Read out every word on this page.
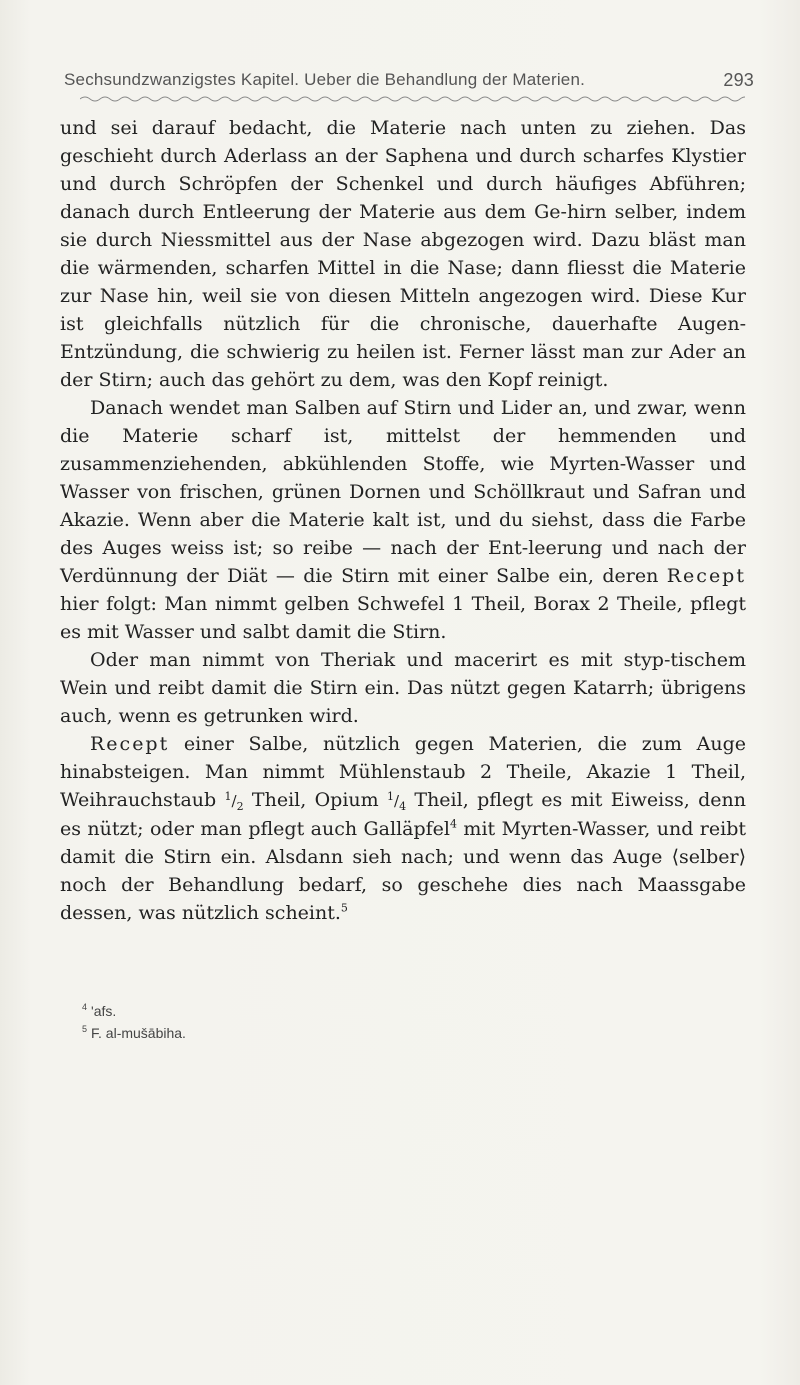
Sechsundzwanzigstes Kapitel. Ueber die Behandlung der Materien.	293

und sei darauf bedacht, die Materie nach unten zu ziehen. Das geschieht durch Aderlass an der Saphena und durch scharfes Klystier und durch Schröpfen der Schenkel und durch häufiges Abführen; danach durch Entleerung der Materie aus dem Ge-hirn selber, indem sie durch Niessmittel aus der Nase abgezogen wird. Dazu bläst man die wärmenden, scharfen Mittel in die Nase; dann fliesst die Materie zur Nase hin, weil sie von diesen Mitteln angezogen wird. Diese Kur ist gleichfalls nützlich für die chronische, dauerhafte Augen-Entzündung, die schwierig zu heilen ist. Ferner lässt man zur Ader an der Stirn; auch das gehört zu dem, was den Kopf reinigt.

Danach wendet man Salben auf Stirn und Lider an, und zwar, wenn die Materie scharf ist, mittelst der hemmenden und zusammenziehenden, abkühlenden Stoffe, wie Myrten-Wasser und Wasser von frischen, grünen Dornen und Schöllkraut und Safran und Akazie. Wenn aber die Materie kalt ist, und du siehst, dass die Farbe des Auges weiss ist; so reibe — nach der Ent-leerung und nach der Verdünnung der Diät — die Stirn mit einer Salbe ein, deren Recept hier folgt: Man nimmt gelben Schwefel 1 Theil, Borax 2 Theile, pflegt es mit Wasser und salbt damit die Stirn.

Oder man nimmt von Theriak und macerirt es mit styp-tischem Wein und reibt damit die Stirn ein. Das nützt gegen Katarrh; übrigens auch, wenn es getrunken wird.

Recept einer Salbe, nützlich gegen Materien, die zum Auge hinabsteigen. Man nimmt Mühlenstaub 2 Theile, Akazie 1 Theil, Weihrauchstaub $^1/_2$ Theil, Opium $^1/_4$ Theil, pflegt es mit Eiweiss, denn es nützt; oder man pflegt auch Galläpfel$^4$ mit Myrten-Wasser, und reibt damit die Stirn ein. Alsdann sieh nach; und wenn das Auge ⟨selber⟩ noch der Behandlung bedarf, so geschehe dies nach Maassgabe dessen, was nützlich scheint.$^5$

$^4$ 'afs.
$^5$ F. al-mušābiha.
